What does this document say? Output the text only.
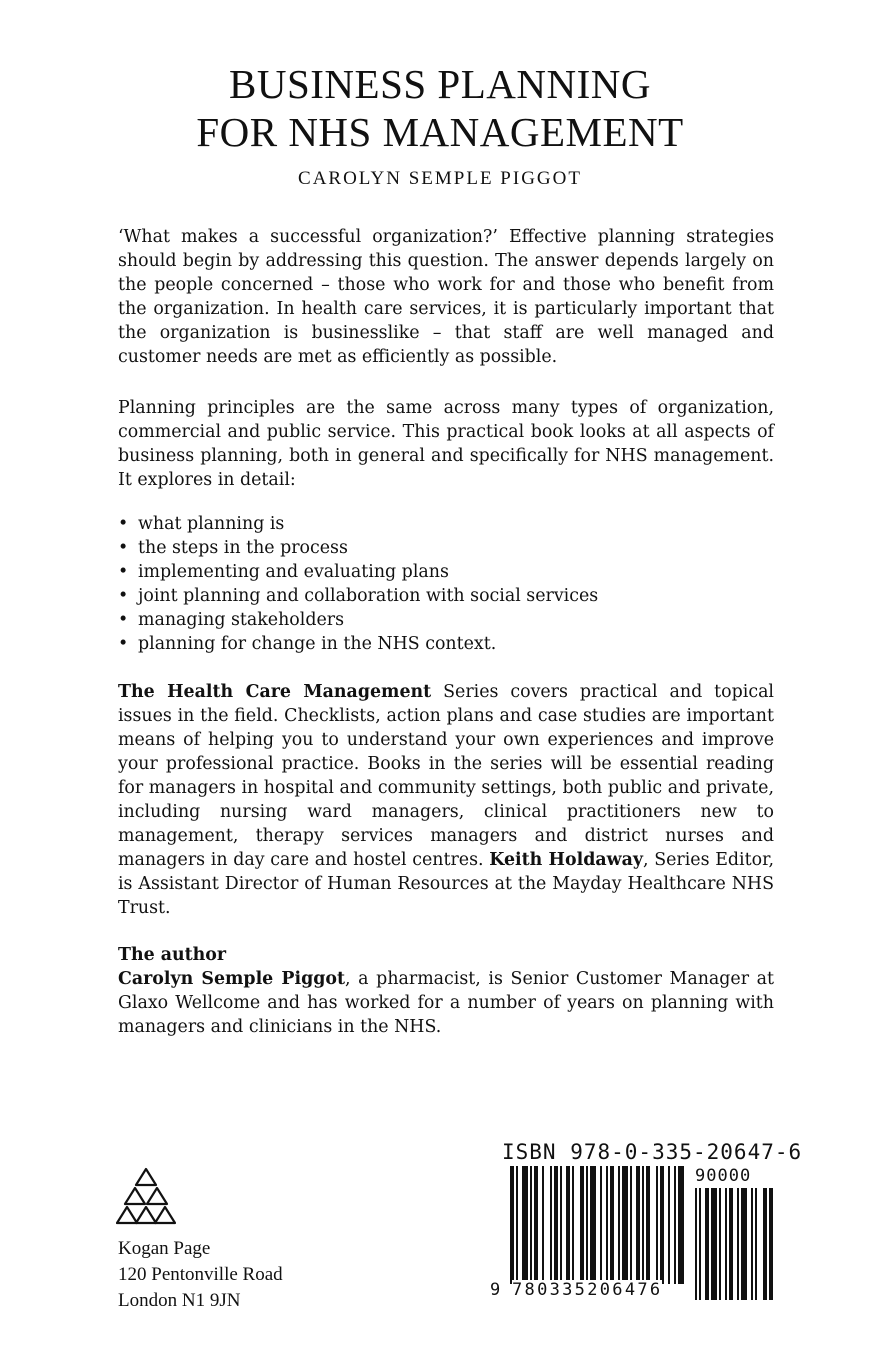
BUSINESS PLANNING
FOR NHS MANAGEMENT
CAROLYN SEMPLE PIGGOT

‘What makes a successful organization?’ Effective planning strategies should begin by addressing this question. The answer depends largely on the people concerned – those who work for and those who benefit from the organization. In health care services, it is particularly important that the organization is businesslike – that staff are well managed and customer needs are met as efficiently as possible.

Planning principles are the same across many types of organization, commercial and public service. This practical book looks at all aspects of business planning, both in general and specifically for NHS management. It explores in detail:

• what planning is
• the steps in the process
• implementing and evaluating plans
• joint planning and collaboration with social services
• managing stakeholders
• planning for change in the NHS context.

The Health Care Management Series covers practical and topical issues in the field. Checklists, action plans and case studies are important means of helping you to understand your own experiences and improve your professional practice. Books in the series will be essential reading for managers in hospital and community settings, both public and private, including nursing ward managers, clinical practitioners new to management, therapy services managers and district nurses and managers in day care and hostel centres. Keith Holdaway, Series Editor, is Assistant Director of Human Resources at the Mayday Healthcare NHS Trust.

The author

Carolyn Semple Piggot, a pharmacist, is Senior Customer Manager at Glaxo Wellcome and has worked for a number of years on planning with managers and clinicians in the NHS.

Kogan Page
120 Pentonville Road
London N1 9JN
ISBN 978-0-335-20647-6
90000
9 780335206476
